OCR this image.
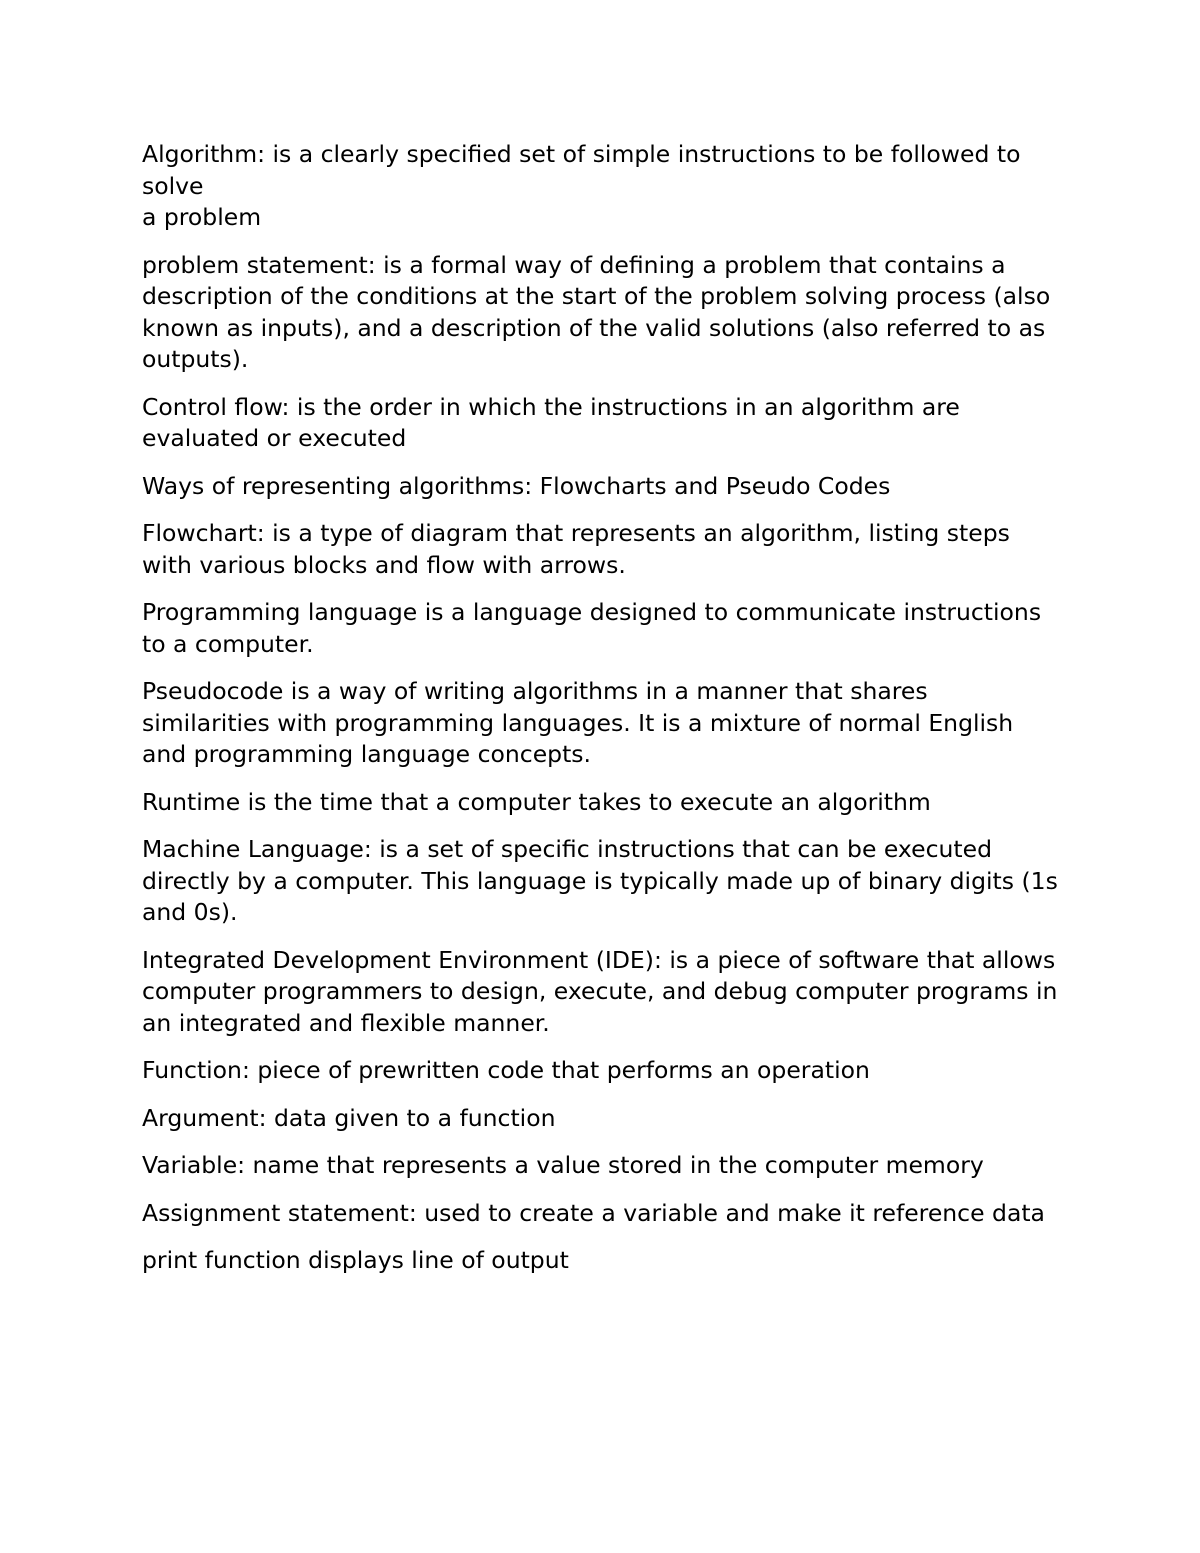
Algorithm: is a clearly specified set of simple instructions to be followed to
solve

a problem

problem statement: is a formal way of defining a problem that contains a
description of the conditions at the start of the problem solving process (also
known as inputs), and a description of the valid solutions (also referred to as
outputs).

Control flow: is the order in which the instructions in an algorithm are
evaluated or executed

Ways of representing algorithms: Flowcharts and Pseudo Codes

Flowchart: is a type of diagram that represents an algorithm, listing steps
with various blocks and flow with arrows.

Programming language is a language designed to communicate instructions
to a computer.

Pseudocode is a way of writing algorithms in a manner that shares
similarities with programming languages. It is a mixture of normal English
and programming language concepts.

Runtime is the time that a computer takes to execute an algorithm

Machine Language: is a set of specific instructions that can be executed
directly by a computer. This language is typically made up of binary digits (1s
and 0s).

Integrated Development Environment (IDE): is a piece of software that allows
computer programmers to design, execute, and debug computer programs in
an integrated and flexible manner.

Function: piece of prewritten code that performs an operation

Argument: data given to a function

Variable: name that represents a value stored in the computer memory

Assignment statement: used to create a variable and make it reference data

print function displays line of output
